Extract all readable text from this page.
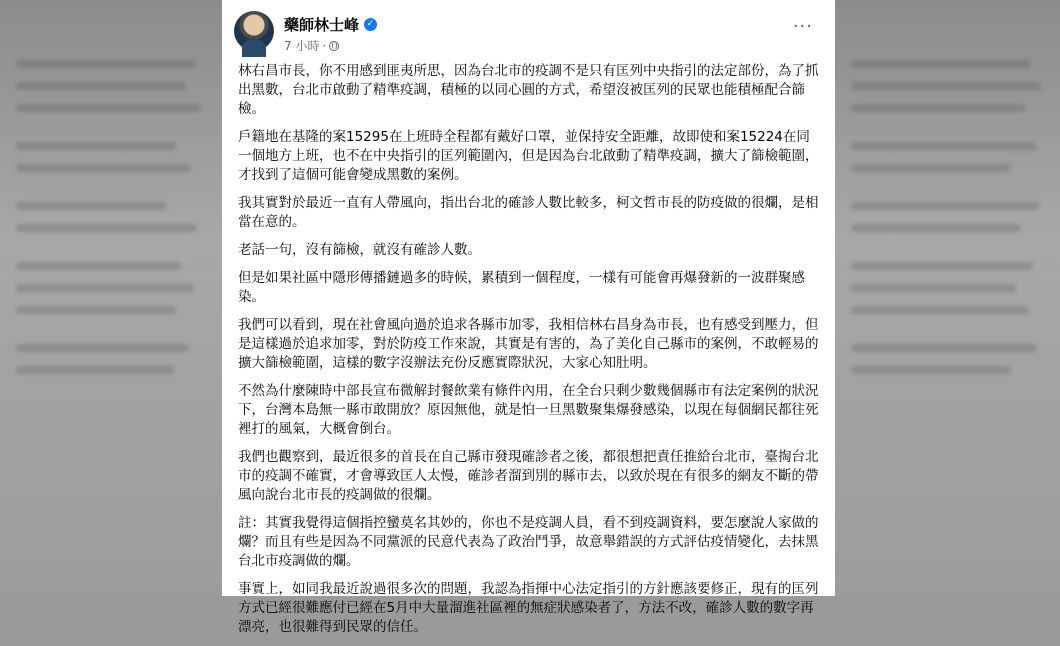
藥師林士峰 ✓
7 小時 ·
···

林右昌市長，你不用感到匪夷所思，因為台北市的疫調不是只有匡列中央指引的法定部份，為了抓出黑數，台北市啟動了精準疫調，積極的以同心圓的方式，希望沒被匡列的民眾也能積極配合篩檢。

戶籍地在基隆的案15295在上班時全程都有戴好口罩，並保持安全距離，故即使和案15224在同一個地方上班，也不在中央指引的匡列範圍內，但是因為台北啟動了精準疫調，擴大了篩檢範圍，才找到了這個可能會變成黑數的案例。

我其實對於最近一直有人帶風向，指出台北的確診人數比較多，柯文哲市長的防疫做的很爛，是相當在意的。

老話一句，沒有篩檢，就沒有確診人數。

但是如果社區中隱形傳播鏈過多的時候，累積到一個程度，一樣有可能會再爆發新的一波群聚感染。

我們可以看到，現在社會風向過於追求各縣市加零，我相信林右昌身為市長，也有感受到壓力，但是這樣過於追求加零，對於防疫工作來說，其實是有害的，為了美化自己縣市的案例，不敢輕易的擴大篩檢範圍，這樣的數字沒辦法充份反應實際狀況，大家心知肚明。

不然為什麼陳時中部長宣布微解封餐飲業有條件內用，在全台只剩少數幾個縣市有法定案例的狀況下，台灣本島無一縣市敢開放？原因無他，就是怕一旦黑數聚集爆發感染，以現在每個網民都往死裡打的風氣，大概會倒台。

我們也觀察到，最近很多的首長在自己縣市發現確診者之後，都很想把責任推給台北市，臺掏台北市的疫調不確實，才會導致匡人太慢，確診者溜到別的縣市去，以致於現在有很多的網友不斷的帶風向說台北市長的疫調做的很爛。

註：其實我覺得這個指控蠻莫名其妙的，你也不是疫調人員，看不到疫調資料，要怎麼說人家做的爛？而且有些是因為不同黨派的民意代表為了政治鬥爭，故意舉錯誤的方式評估疫情變化，去抹黑台北市疫調做的爛。

事實上，如同我最近說過很多次的問題，我認為指揮中心法定指引的方針應該要修正，現有的匡列方式已經很難應付已經在5月中大量溜進社區裡的無症狀感染者了，方法不改，確診人數的數字再漂亮，也很難得到民眾的信任。
